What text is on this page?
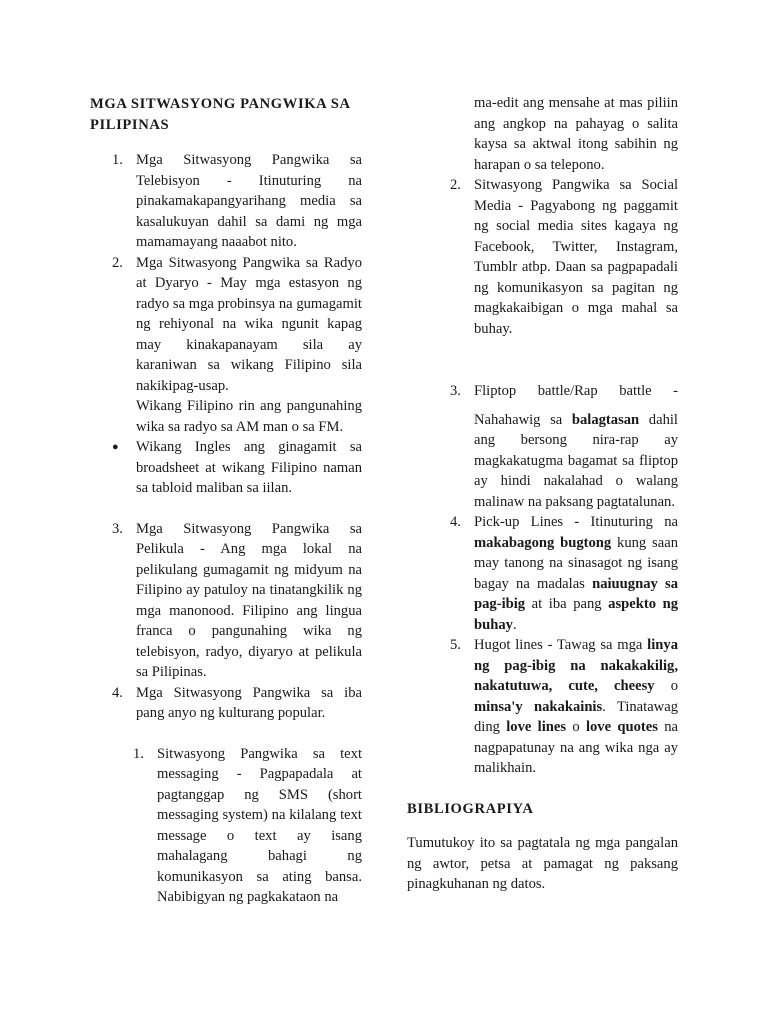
MGA SITWASYONG PANGWIKA SA PILIPINAS
1. Mga Sitwasyong Pangwika sa Telebisyon - Itinuturing na pinakamakapangyarihang media sa kasalukuyan dahil sa dami ng mga mamamayang naaabot nito.
2. Mga Sitwasyong Pangwika sa Radyo at Dyaryo - May mga estasyon ng radyo sa mga probinsya na gumagamit ng rehiyonal na wika ngunit kapag may kinakapanayam sila ay karaniwan sa wikang Filipino sila nakikipag-usap.

Wikang Filipino rin ang pangunahing wika sa radyo sa AM man o sa FM.

● Wikang Ingles ang ginagamit sa broadsheet at wikang Filipino naman sa tabloid maliban sa iilan.
3. Mga Sitwasyong Pangwika sa Pelikula - Ang mga lokal na pelikulang gumagamit ng midyum na Filipino ay patuloy na tinatangkilik ng mga manonood. Filipino ang lingua franca o pangunahing wika ng telebisyon, radyo, diyaryo at pelikula sa Pilipinas.
4. Mga Sitwasyong Pangwika sa iba pang anyo ng kulturang popular.
1. Sitwasyong Pangwika sa text messaging - Pagpapadala at pagtanggap ng SMS (short messaging system) na kilalang text message o text ay isang mahalagang bahagi ng komunikasyon sa ating bansa. Nabibigyan ng pagkakataon na

ma-edit ang mensahe at mas piliin ang angkop na pahayag o salita kaysa sa aktwal itong sabihin ng harapan o sa telepono.

2. Sitwasyong Pangwika sa Social Media - Pagyabong ng paggamit ng social media sites kagaya ng Facebook, Twitter, Instagram, Tumblr atbp. Daan sa pagpapadali ng komunikasyon sa pagitan ng magkakaibigan o mga mahal sa buhay.
3. Fliptop battle/Rap battle -

Nahahawig sa balagtasan dahil ang bersong nira-rap ay magkakatugma bagamat sa fliptop ay hindi nakalahad o walang malinaw na paksang pagtatalunan.

4. Pick-up Lines - Itinuturing na makabagong bugtong kung saan may tanong na sinasagot ng isang bagay na madalas naiuugnay sa pag-ibig at iba pang aspekto ng buhay.

5. Hugot lines - Tawag sa mga linya ng pag-ibig na nakakakilig, nakatutuwa, cute, cheesy o minsa'y nakakainis. Tinatawag ding love lines o love quotes na nagpapatunay na ang wika nga ay malikhain.

BIBLIOGRAPIYA

Tumutukoy ito sa pagtatala ng mga pangalan ng awtor, petsa at pamagat ng paksang pinagkuhanan ng datos.
